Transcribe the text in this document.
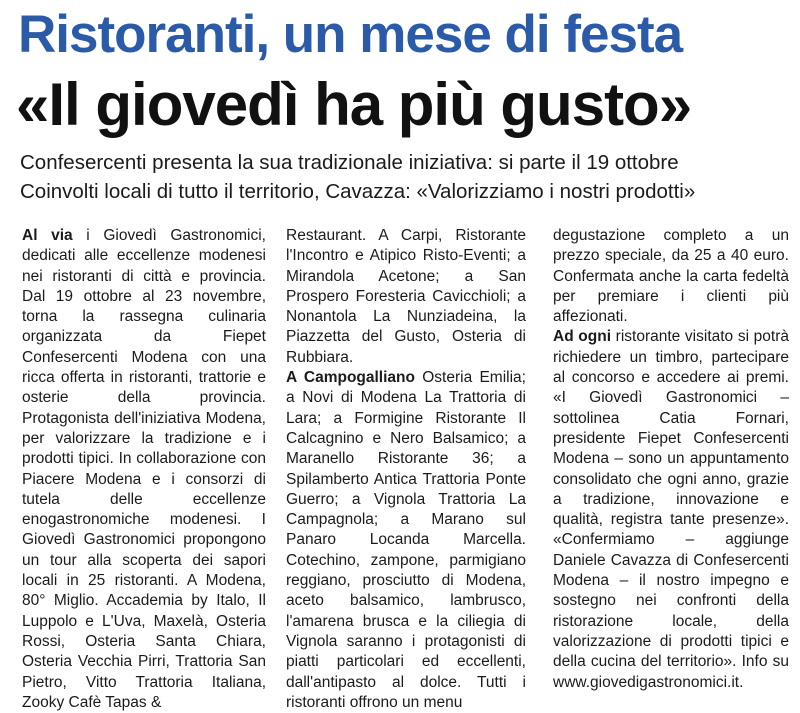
Ristoranti, un mese di festa
«Il giovedì ha più gusto»
Confesercenti presenta la sua tradizionale iniziativa: si parte il 19 ottobre
Coinvolti locali di tutto il territorio, Cavazza: «Valorizziamo i nostri prodotti»

Al via i Giovedì Gastronomici, dedicati alle eccellenze modenesi nei ristoranti di città e provincia. Dal 19 ottobre al 23 novembre, torna la rassegna culinaria organizzata da Fiepet Confesercenti Modena con una ricca offerta in ristoranti, trattorie e osterie della provincia. Protagonista dell'iniziativa Modena, per valorizzare la tradizione e i prodotti tipici. In collaborazione con Piacere Modena e i consorzi di tutela delle eccellenze enogastronomiche modenesi. I Giovedì Gastronomici propongono un tour alla scoperta dei sapori locali in 25 ristoranti. A Modena, 80° Miglio. Accademia by Italo, Il Luppolo e L'Uva, Maxelà, Osteria Rossi, Osteria Santa Chiara, Osteria Vecchia Pirri, Trattoria San Pietro, Vitto Trattoria Italiana, Zooky Cafè Tapas &

Restaurant. A Carpi, Ristorante l'Incontro e Atipico Risto-Eventi; a Mirandola Acetone; a San Prospero Foresteria Cavicchioli; a Nonantola La Nunziadeina, la Piazzetta del Gusto, Osteria di Rubbiara.

A Campogalliano Osteria Emilia; a Novi di Modena La Trattoria di Lara; a Formigine Ristorante Il Calcagnino e Nero Balsamico; a Maranello Ristorante 36; a Spilamberto Antica Trattoria Ponte Guerro; a Vignola Trattoria La Campagnola; a Marano sul Panaro Locanda Marcella. Cotechino, zampone, parmigiano reggiano, prosciutto di Modena, aceto balsamico, lambrusco, l'amarena brusca e la ciliegia di Vignola saranno i protagonisti di piatti particolari ed eccellenti, dall'antipasto al dolce. Tutti i ristoranti offrono un menu

degustazione completo a un prezzo speciale, da 25 a 40 euro. Confermata anche la carta fedeltà per premiare i clienti più affezionati.

Ad ogni ristorante visitato si potrà richiedere un timbro, partecipare al concorso e accedere ai premi. «I Giovedì Gastronomici – sottolinea Catia Fornari, presidente Fiepet Confesercenti Modena – sono un appuntamento consolidato che ogni anno, grazie a tradizione, innovazione e qualità, registra tante presenze». «Confermiamo – aggiunge Daniele Cavazza di Confesercenti Modena – il nostro impegno e sostegno nei confronti della ristorazione locale, della valorizzazione di prodotti tipici e della cucina del territorio». Info su www.giovedigastronomici.it.
